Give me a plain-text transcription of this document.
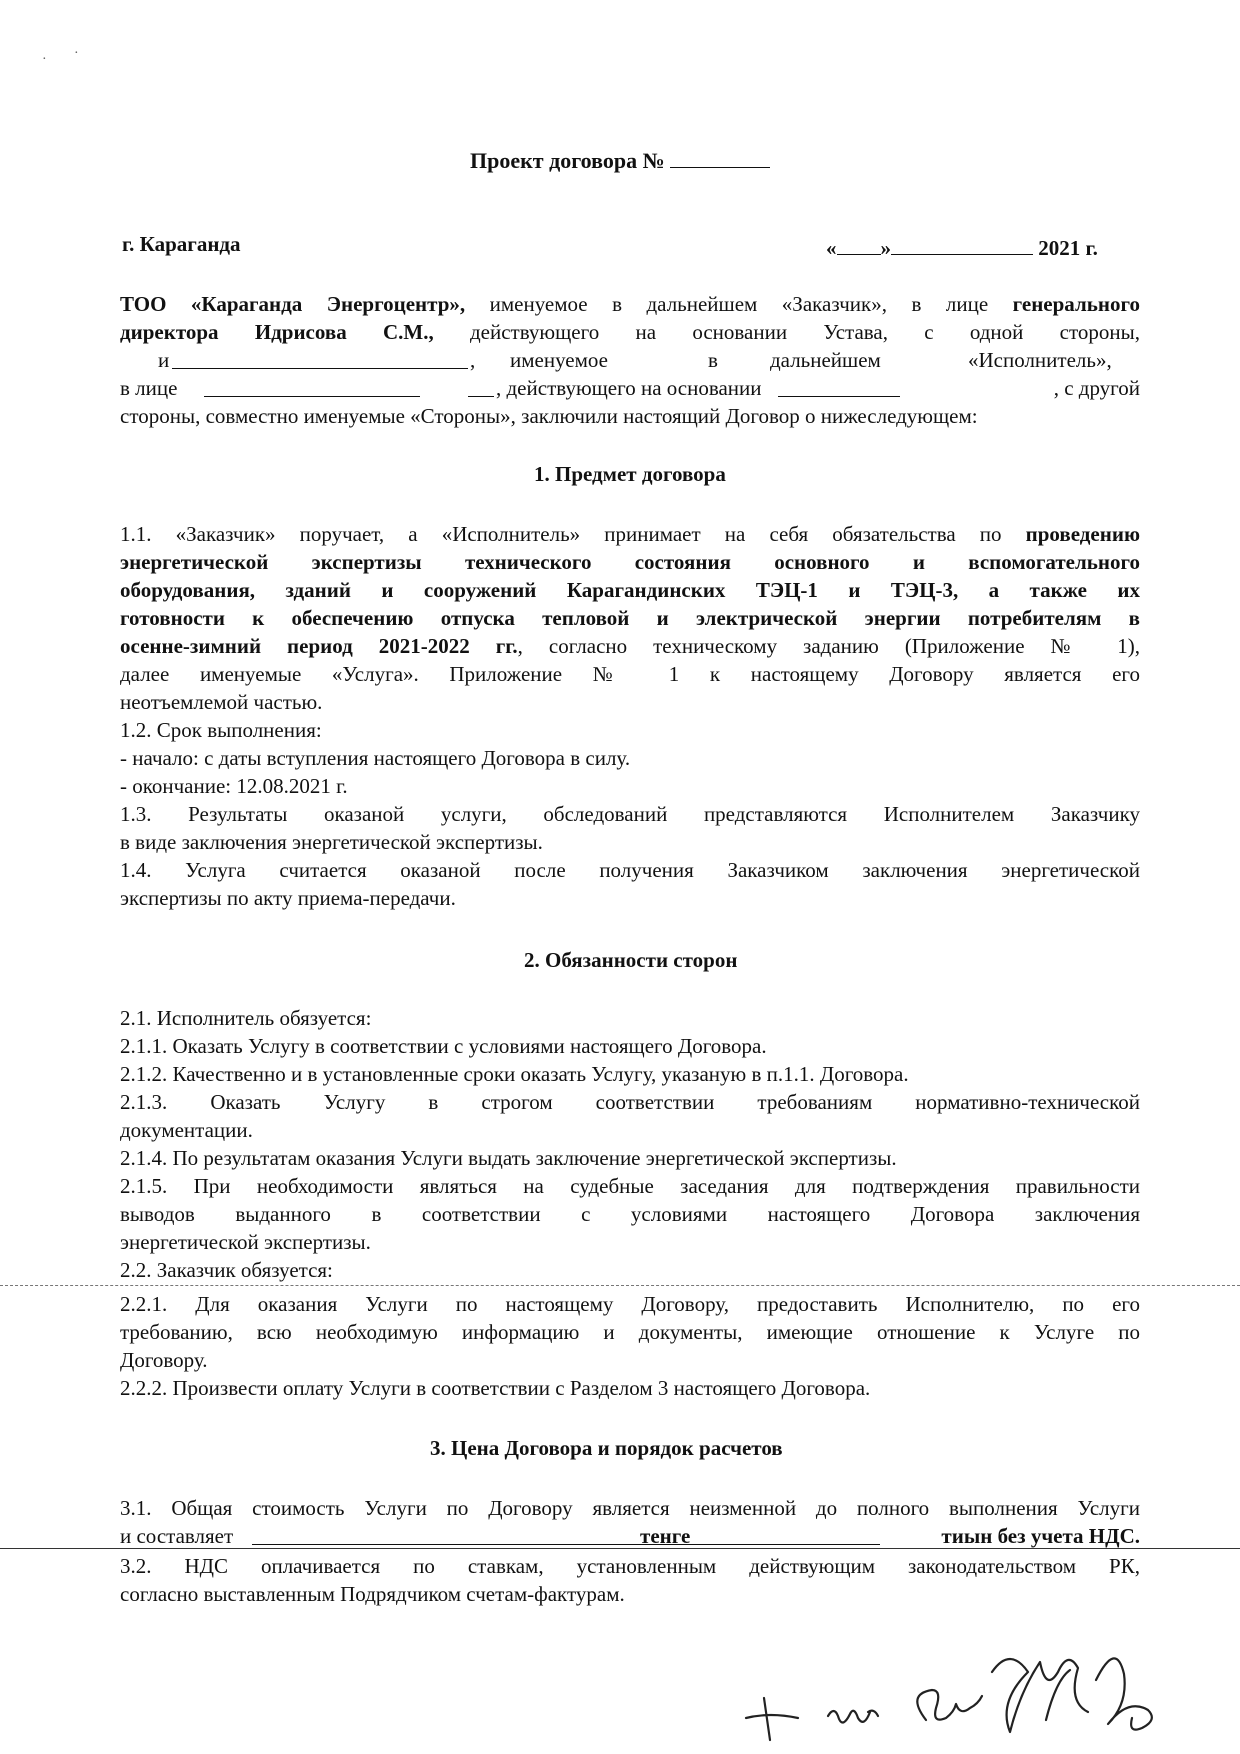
· ·
Проект договора №
г. Караганда	« »	2021 г.
ТОО «Караганда Энергоцентр», именуемое в дальнейшем «Заказчик», в лице генерального
директора Идрисова С.М., действующего на основании Устава, с одной стороны,
и	, именуемое	в дальнейшем	«Исполнитель»,
в лице	, действующего на основании	, с другой
стороны, совместно именуемые «Стороны», заключили настоящий Договор о нижеследующем:
1. Предмет договора
1.1. «Заказчик» поручает, а «Исполнитель» принимает на себя обязательства по проведению
энергетической экспертизы технического состояния основного и вспомогательного
оборудования, зданий и сооружений Карагандинских ТЭЦ-1 и ТЭЦ-3, а также их
готовности к обеспечению отпуска тепловой и электрической энергии потребителям в
осенне-зимний период 2021-2022 гг., согласно техническому заданию (Приложение № 1),
далее именуемые «Услуга». Приложение № 1 к настоящему Договору является его
неотъемлемой частью.
1.2. Срок выполнения:
- начало: с даты вступления настоящего Договора в силу.
- окончание: 12.08.2021 г.
1.3. Результаты оказаной услуги, обследований представляются Исполнителем Заказчику
в виде заключения энергетической экспертизы.
1.4. Услуга считается оказаной после получения Заказчиком заключения энергетической
экспертизы по акту приема-передачи.
2. Обязанности сторон
2.1. Исполнитель обязуется:
2.1.1. Оказать Услугу в соответствии с условиями настоящего Договора.
2.1.2. Качественно и в установленные сроки оказать Услугу, указаную в п.1.1. Договора.
2.1.3. Оказать Услугу в строгом соответствии требованиям нормативно-технической
документации.
2.1.4. По результатам оказания Услуги выдать заключение энергетической экспертизы.
2.1.5. При необходимости являться на судебные заседания для подтверждения правильности
выводов выданного в соответствии с условиями настоящего Договора заключения
энергетической экспертизы.
2.2. Заказчик обязуется:
2.2.1. Для оказания Услуги по настоящему Договору, предоставить Исполнителю, по его
требованию, всю необходимую информацию и документы, имеющие отношение к Услуге по
Договору.
2.2.2. Произвести оплату Услуги в соответствии с Разделом 3 настоящего Договора.
3. Цена Договора и порядок расчетов
3.1. Общая стоимость Услуги по Договору является неизменной до полного выполнения Услуги
и составляет	тенге	тиын без учета НДС.
3.2. НДС оплачивается по ставкам, установленным действующим законодательством РК,
согласно выставленным Подрядчиком счетам-фактурам.
